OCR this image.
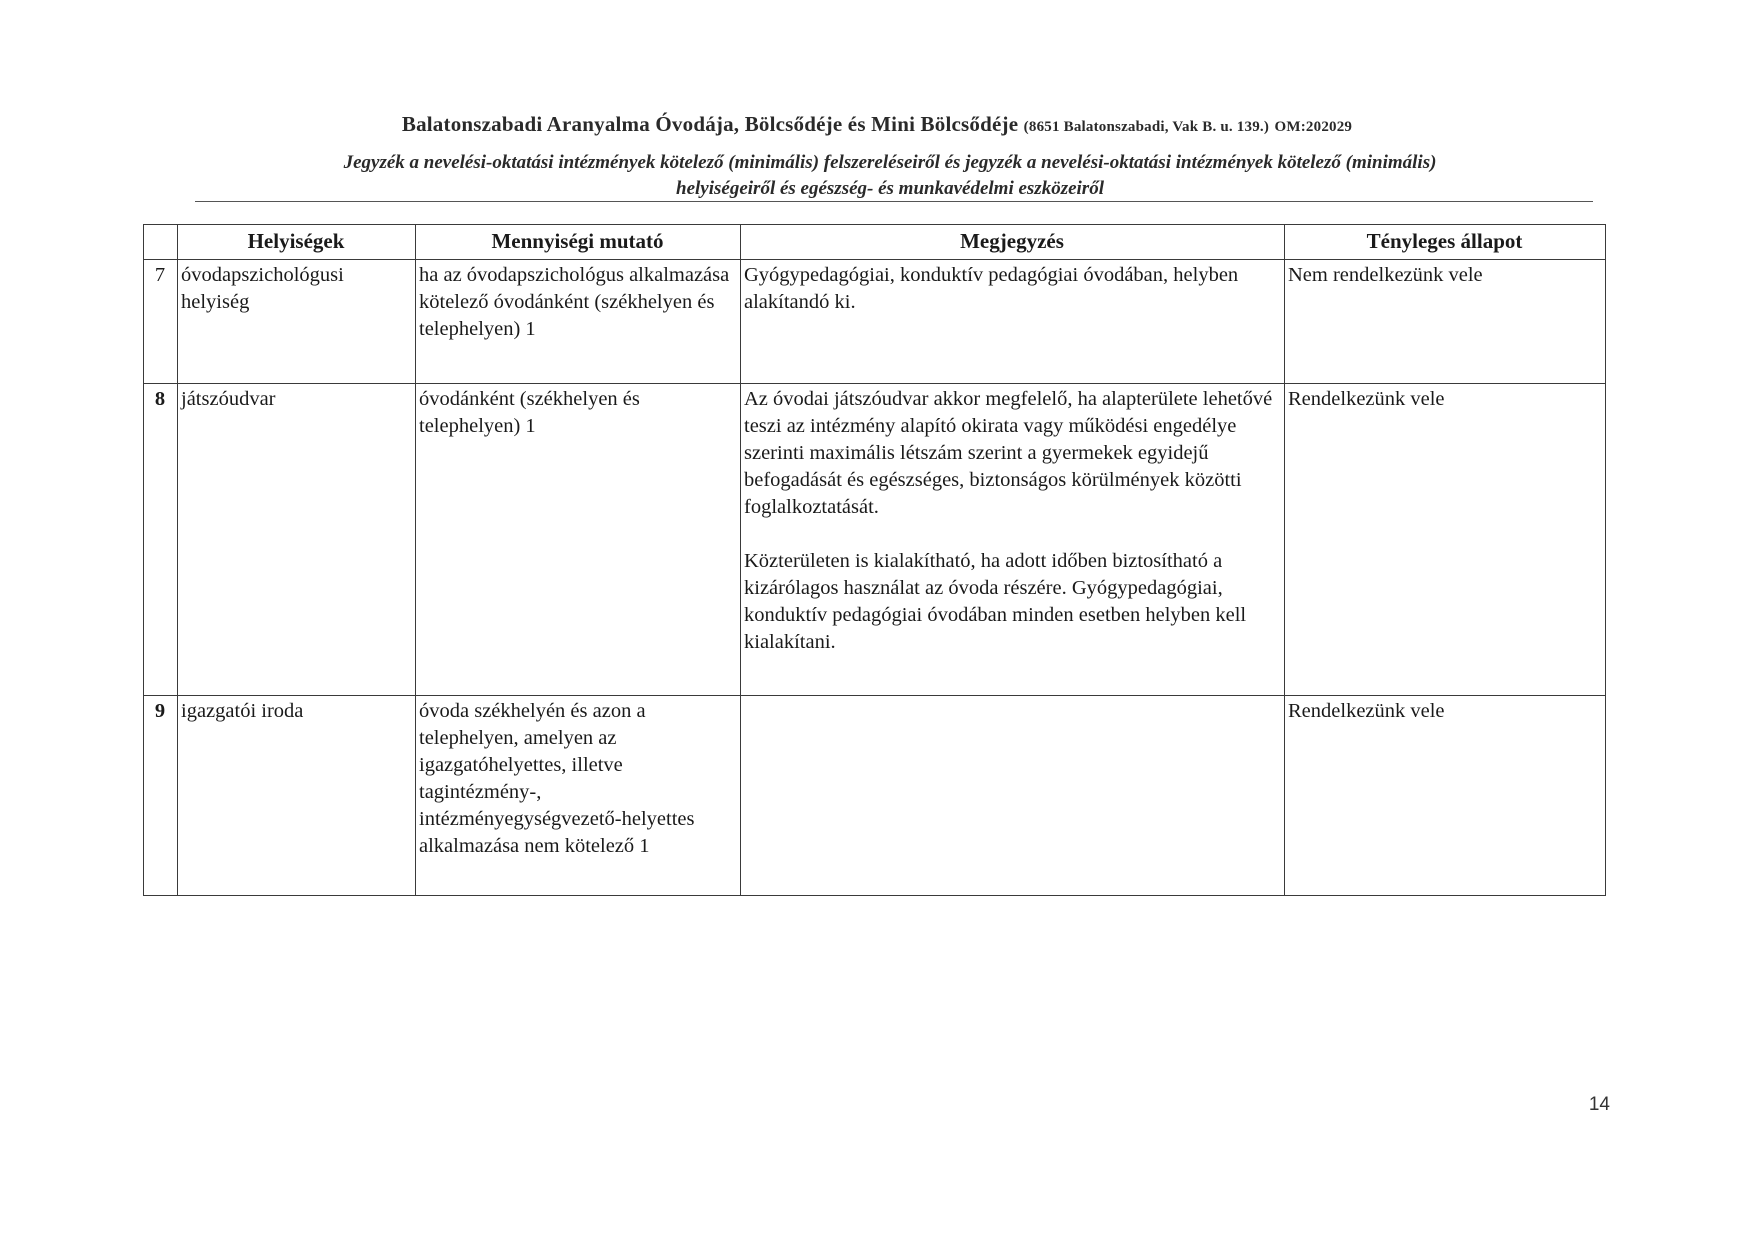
Balatonszabadi Aranyalma Óvodája, Bölcsődéje és Mini Bölcsődéje (8651 Balatonszabadi, Vak B. u. 139.) OM:202029
Jegyzék a nevelési-oktatási intézmények kötelező (minimális) felszereléseiről és jegyzék a nevelési-oktatási intézmények kötelező (minimális)
helyiségeiről és egészség- és munkavédelmi eszközeiről
	Helyiségek	Mennyiségi mutató	Megjegyzés	Tényleges állapot
7	óvodapszichológusi helyiség	ha az óvodapszichológus alkalmazása kötelező óvodánként (székhelyen és telephelyen) 1	Gyógypedagógiai, konduktív pedagógiai óvodában, helyben alakítandó ki.	Nem rendelkezünk vele
8	játszóudvar	óvodánként (székhelyen és telephelyen) 1	Az óvodai játszóudvar akkor megfelelő, ha alapterülete lehetővé teszi az intézmény alapító okirata vagy működési engedélye szerinti maximális létszám szerint a gyermekek egyidejű befogadását és egészséges, biztonságos körülmények közötti foglalkoztatását.
Közterületen is kialakítható, ha adott időben biztosítható a kizárólagos használat az óvoda részére. Gyógypedagógiai, konduktív pedagógiai óvodában minden esetben helyben kell kialakítani.	Rendelkezünk vele
9	igazgatói iroda	óvoda székhelyén és azon a telephelyen, amelyen az igazgatóhelyettes, illetve tagintézmény-, intézményegységvezető-helyettes alkalmazása nem kötelező 1		Rendelkezünk vele
14
